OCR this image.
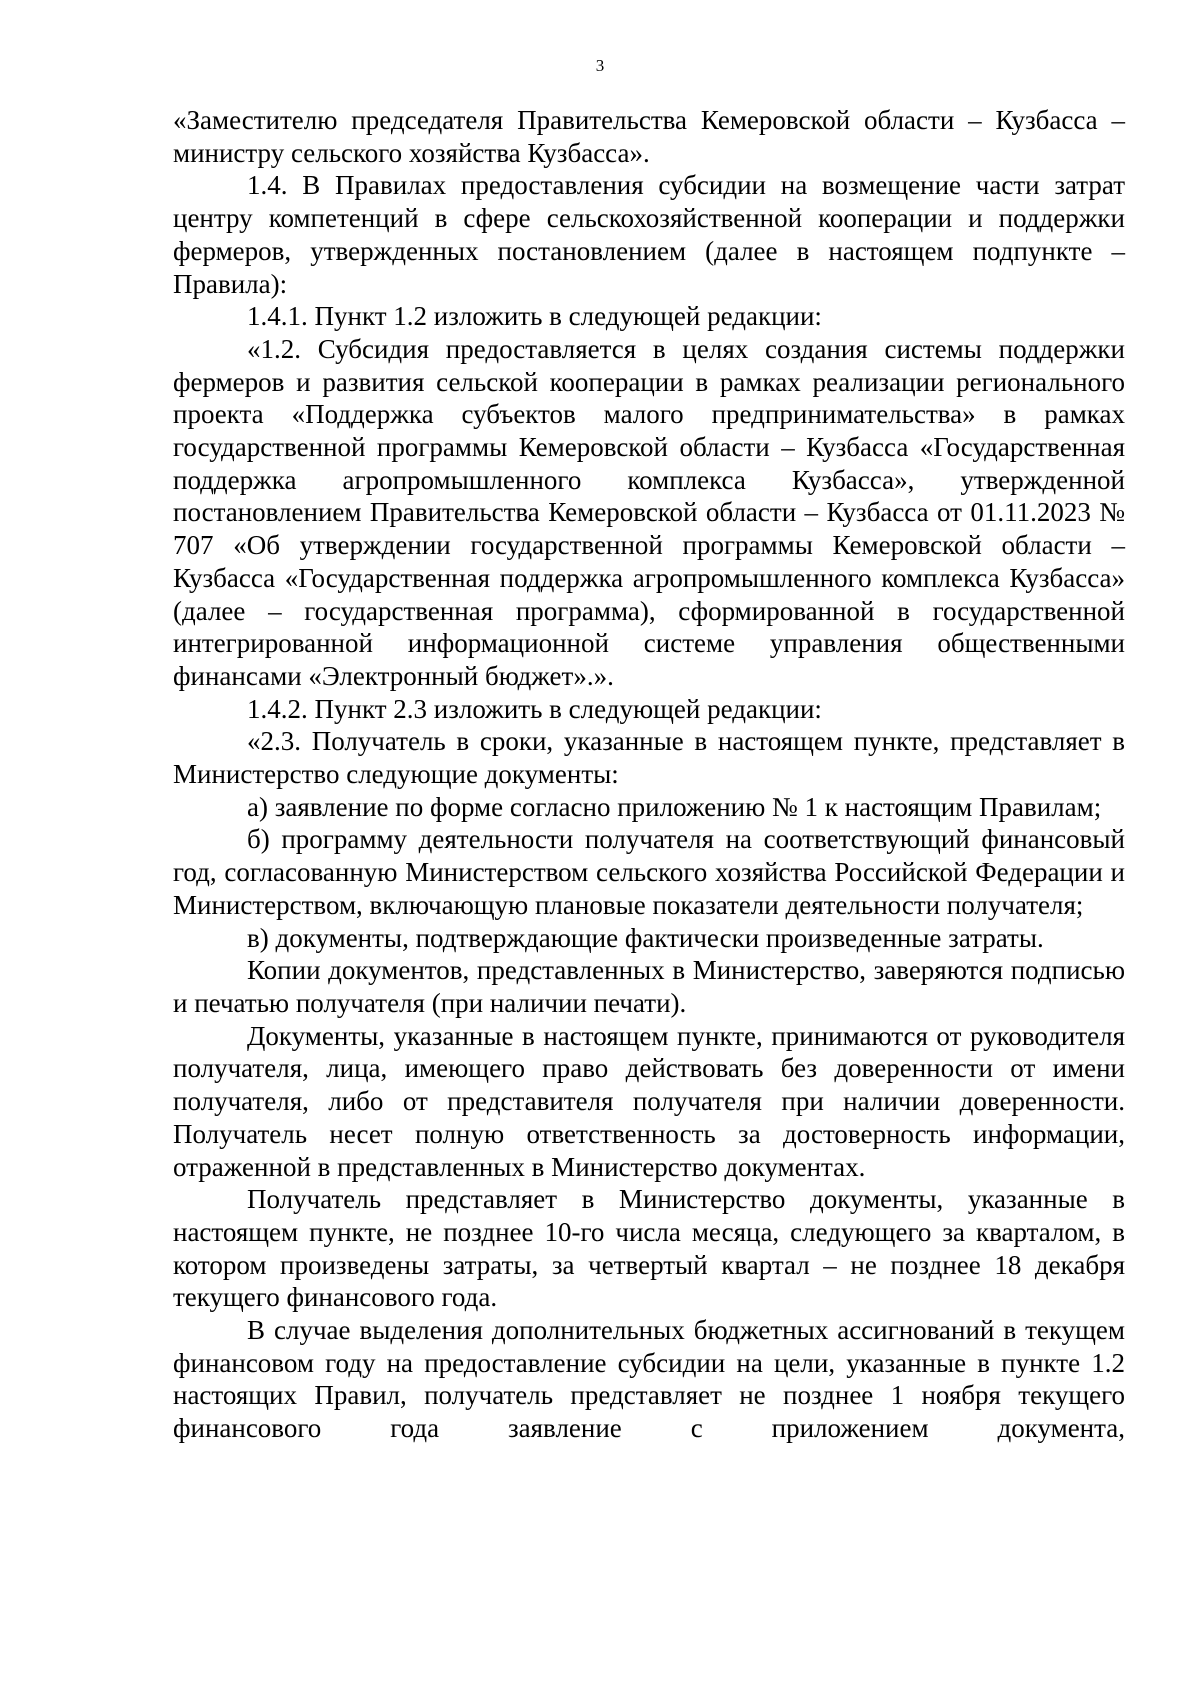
3

«Заместителю председателя Правительства Кемеровской области – Кузбасса – министру сельского хозяйства Кузбасса».

1.4. В Правилах предоставления субсидии на возмещение части затрат центру компетенций в сфере сельскохозяйственной кооперации и поддержки фермеров, утвержденных постановлением (далее в настоящем подпункте – Правила):

1.4.1. Пункт 1.2 изложить в следующей редакции:

«1.2. Субсидия предоставляется в целях создания системы поддержки фермеров и развития сельской кооперации в рамках реализации регионального проекта «Поддержка субъектов малого предпринимательства» в рамках государственной программы Кемеровской области – Кузбасса «Государственная поддержка агропромышленного комплекса Кузбасса», утвержденной постановлением Правительства Кемеровской области – Кузбасса от 01.11.2023 № 707 «Об утверждении государственной программы Кемеровской области – Кузбасса «Государственная поддержка агропромышленного комплекса Кузбасса» (далее – государственная программа), сформированной в государственной интегрированной информационной системе управления общественными финансами «Электронный бюджет».».

1.4.2. Пункт 2.3 изложить в следующей редакции:

«2.3. Получатель в сроки, указанные в настоящем пункте, представляет в Министерство следующие документы:

а) заявление по форме согласно приложению № 1 к настоящим Правилам;

б) программу деятельности получателя на соответствующий финансовый год, согласованную Министерством сельского хозяйства Российской Федерации и Министерством, включающую плановые показатели деятельности получателя;

в) документы, подтверждающие фактически произведенные затраты.

Копии документов, представленных в Министерство, заверяются подписью и печатью получателя (при наличии печати).

Документы, указанные в настоящем пункте, принимаются от руководителя получателя, лица, имеющего право действовать без доверенности от имени получателя, либо от представителя получателя при наличии доверенности. Получатель несет полную ответственность за достоверность информации, отраженной в представленных в Министерство документах.

Получатель представляет в Министерство документы, указанные в настоящем пункте, не позднее 10-го числа месяца, следующего за кварталом, в котором произведены затраты, за четвертый квартал – не позднее 18 декабря текущего финансового года.

В случае выделения дополнительных бюджетных ассигнований в текущем финансовом году на предоставление субсидии на цели, указанные в пункте 1.2 настоящих Правил, получатель представляет не позднее 1 ноября текущего финансового года заявление с приложением документа,
